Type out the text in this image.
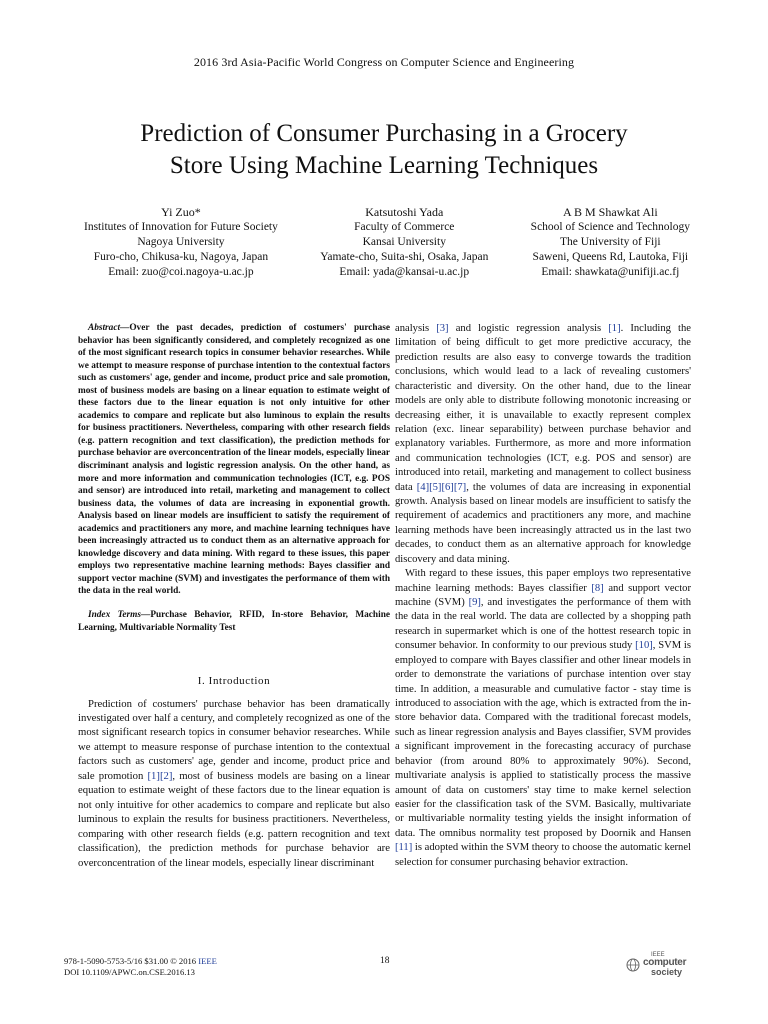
2016 3rd Asia-Pacific World Congress on Computer Science and Engineering
Prediction of Consumer Purchasing in a Grocery
Store Using Machine Learning Techniques
Yi Zuo*
Institutes of Innovation for Future Society
Nagoya University
Furo-cho, Chikusa-ku, Nagoya, Japan
Email: zuo@coi.nagoya-u.ac.jp
Katsutoshi Yada
Faculty of Commerce
Kansai University
Yamate-cho, Suita-shi, Osaka, Japan
Email: yada@kansai-u.ac.jp
A B M Shawkat Ali
School of Science and Technology
The University of Fiji
Saweni, Queens Rd, Lautoka, Fiji
Email: shawkata@unifiji.ac.fj

Abstract—Over the past decades, prediction of costumers' purchase behavior has been significantly considered, and completely recognized as one of the most significant research topics in consumer behavior researches. While we attempt to measure response of purchase intention to the contextual factors such as customers' age, gender and income, product price and sale promotion, most of business models are basing on a linear equation to estimate weight of these factors due to the linear equation is not only intuitive for other academics to compare and replicate but also luminous to explain the results for business practitioners. Nevertheless, comparing with other research fields (e.g. pattern recognition and text classification), the prediction methods for purchase behavior are overconcentration of the linear models, especially linear discriminant analysis and logistic regression analysis. On the other hand, as more and more information and communication technologies (ICT, e.g. POS and sensor) are introduced into retail, marketing and management to collect business data, the volumes of data are increasing in exponential growth. Analysis based on linear models are insufficient to satisfy the requirement of academics and practitioners any more, and machine learning techniques have been increasingly attracted us to conduct them as an alternative approach for knowledge discovery and data mining. With regard to these issues, this paper employs two representative machine learning methods: Bayes classifier and support vector machine (SVM) and investigates the performance of them with the data in the real world.

Index Terms—Purchase Behavior, RFID, In-store Behavior, Machine Learning, Multivariable Normality Test

I. Introduction

Prediction of costumers' purchase behavior has been dramatically investigated over half a century, and completely recognized as one of the most significant research topics in consumer behavior researches. While we attempt to measure response of purchase intention to the contextual factors such as customers' age, gender and income, product price and sale promotion [1][2], most of business models are basing on a linear equation to estimate weight of these factors due to the linear equation is not only intuitive for other academics to compare and replicate but also luminous to explain the results for business practitioners. Nevertheless, comparing with other research fields (e.g. pattern recognition and text classification), the prediction methods for purchase behavior are overconcentration of the linear models, especially linear discriminant

analysis [3] and logistic regression analysis [1]. Including the limitation of being difficult to get more predictive accuracy, the prediction results are also easy to converge towards the tradition conclusions, which would lead to a lack of revealing customers' characteristic and diversity. On the other hand, due to the linear models are only able to distribute following monotonic increasing or decreasing either, it is unavailable to exactly represent complex relation (exc. linear separability) between purchase behavior and explanatory variables. Furthermore, as more and more information and communication technologies (ICT, e.g. POS and sensor) are introduced into retail, marketing and management to collect business data [4][5][6][7], the volumes of data are increasing in exponential growth. Analysis based on linear models are insufficient to satisfy the requirement of academics and practitioners any more, and machine learning methods have been increasingly attracted us in the last two decades, to conduct them as an alternative approach for knowledge discovery and data mining.

With regard to these issues, this paper employs two representative machine learning methods: Bayes classifier [8] and support vector machine (SVM) [9], and investigates the performance of them with the data in the real world. The data are collected by a shopping path research in supermarket which is one of the hottest research topic in consumer behavior. In conformity to our previous study [10], SVM is employed to compare with Bayes classifier and other linear models in order to demonstrate the variations of purchase intention over stay time. In addition, a measurable and cumulative factor - stay time is introduced to association with the age, which is extracted from the in-store behavior data. Compared with the traditional forecast models, such as linear regression analysis and Bayes classifier, SVM provides a significant improvement in the forecasting accuracy of purchase behavior (from around 80% to approximately 90%). Second, multivariate analysis is applied to statistically process the massive amount of data on customers' stay time to make kernel selection easier for the classification task of the SVM. Basically, multivariate or multivariable normality testing yields the insight information of data. The omnibus normality test proposed by Doornik and Hansen [11] is adopted within the SVM theory to choose the automatic kernel selection for consumer purchasing behavior extraction.

978-1-5090-5753-5/16 $31.00 © 2016 IEEE
DOI 10.1109/APWC.on.CSE.2016.13
18
IEEE
computer
society
